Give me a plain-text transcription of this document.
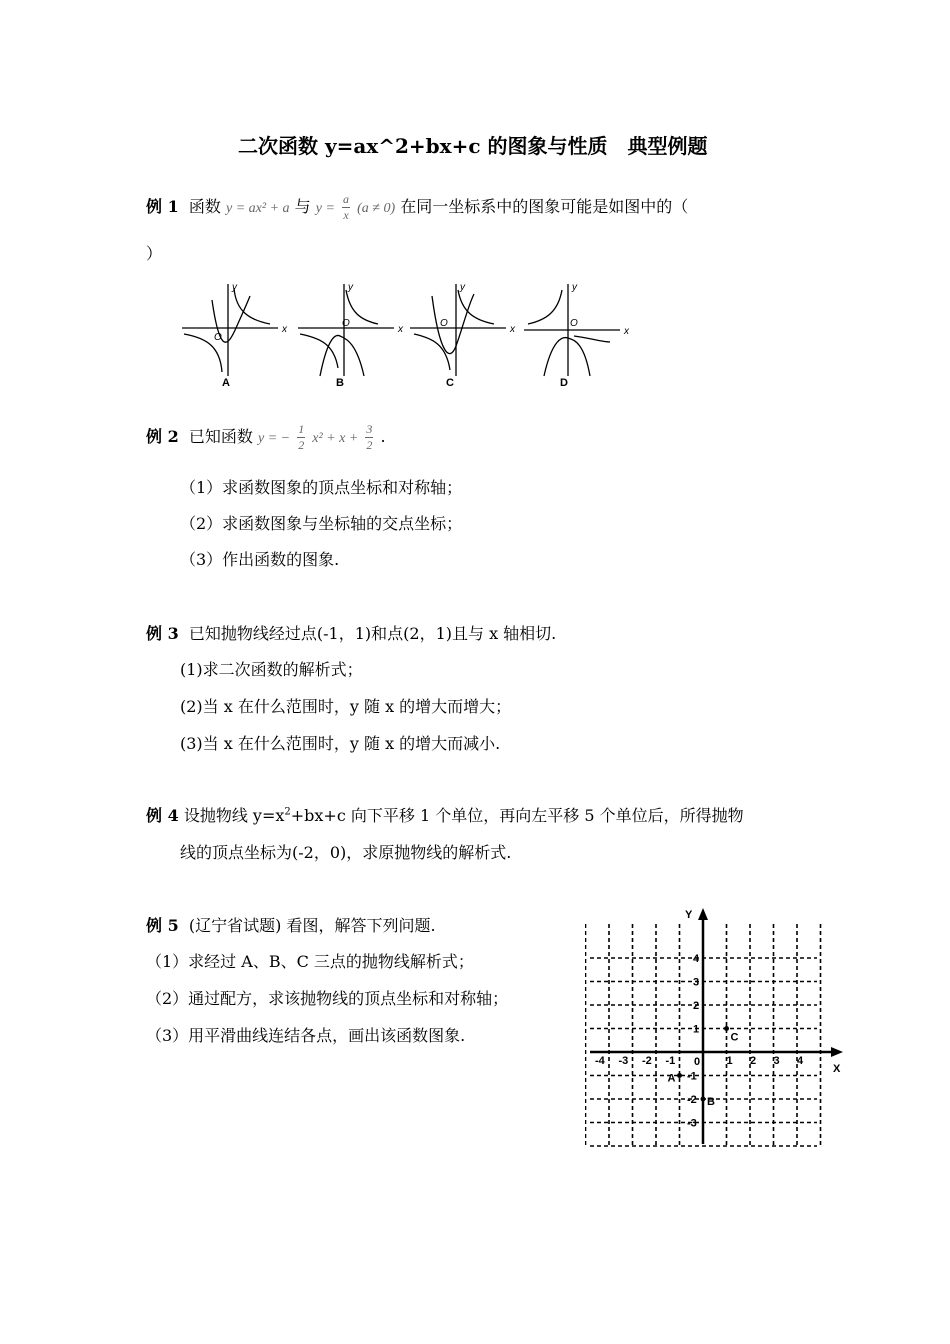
二次函数 y=ax^2+bx+c 的图象与性质　典型例题
例 1 函数 y = ax² + a 与 $y = \frac{a}{x} (a \ne 0)$ 在同一坐标系中的图象可能是如图中的（
）
x
y
O
A
x
y
O
B
x
y
O
C
x
y
O
D
例 2 已知函数 y = − $\frac{1}{2} x^2 + x + \frac{3}{2}$ .
（1）求函数图象的顶点坐标和对称轴；
（2）求函数图象与坐标轴的交点坐标；
（3）作出函数的图象.
例 3 已知抛物线经过点(-1，1)和点(2，1)且与 x 轴相切.
(1)求二次函数的解析式；
(2)当 x 在什么范围时，y 随 x 的增大而增大；
(3)当 x 在什么范围时，y 随 x 的增大而减小.
例 4 设抛物线 $y=x^2+bx+c$ 向下平移 1 个单位，再向左平移 5 个单位后，所得抛物
线的顶点坐标为(-2，0)，求原抛物线的解析式.
例 5 (辽宁省试题) 看图，解答下列问题.
（1）求经过 A、B、C 三点的抛物线解析式；
（2）通过配方，求该抛物线的顶点坐标和对称轴；
（3）用平滑曲线连结各点，画出该函数图象.
X
Y
0
-4 -3 -2 -1	1 2 3 4
4
3
2
1
-1
-2
-3
A
B
C
